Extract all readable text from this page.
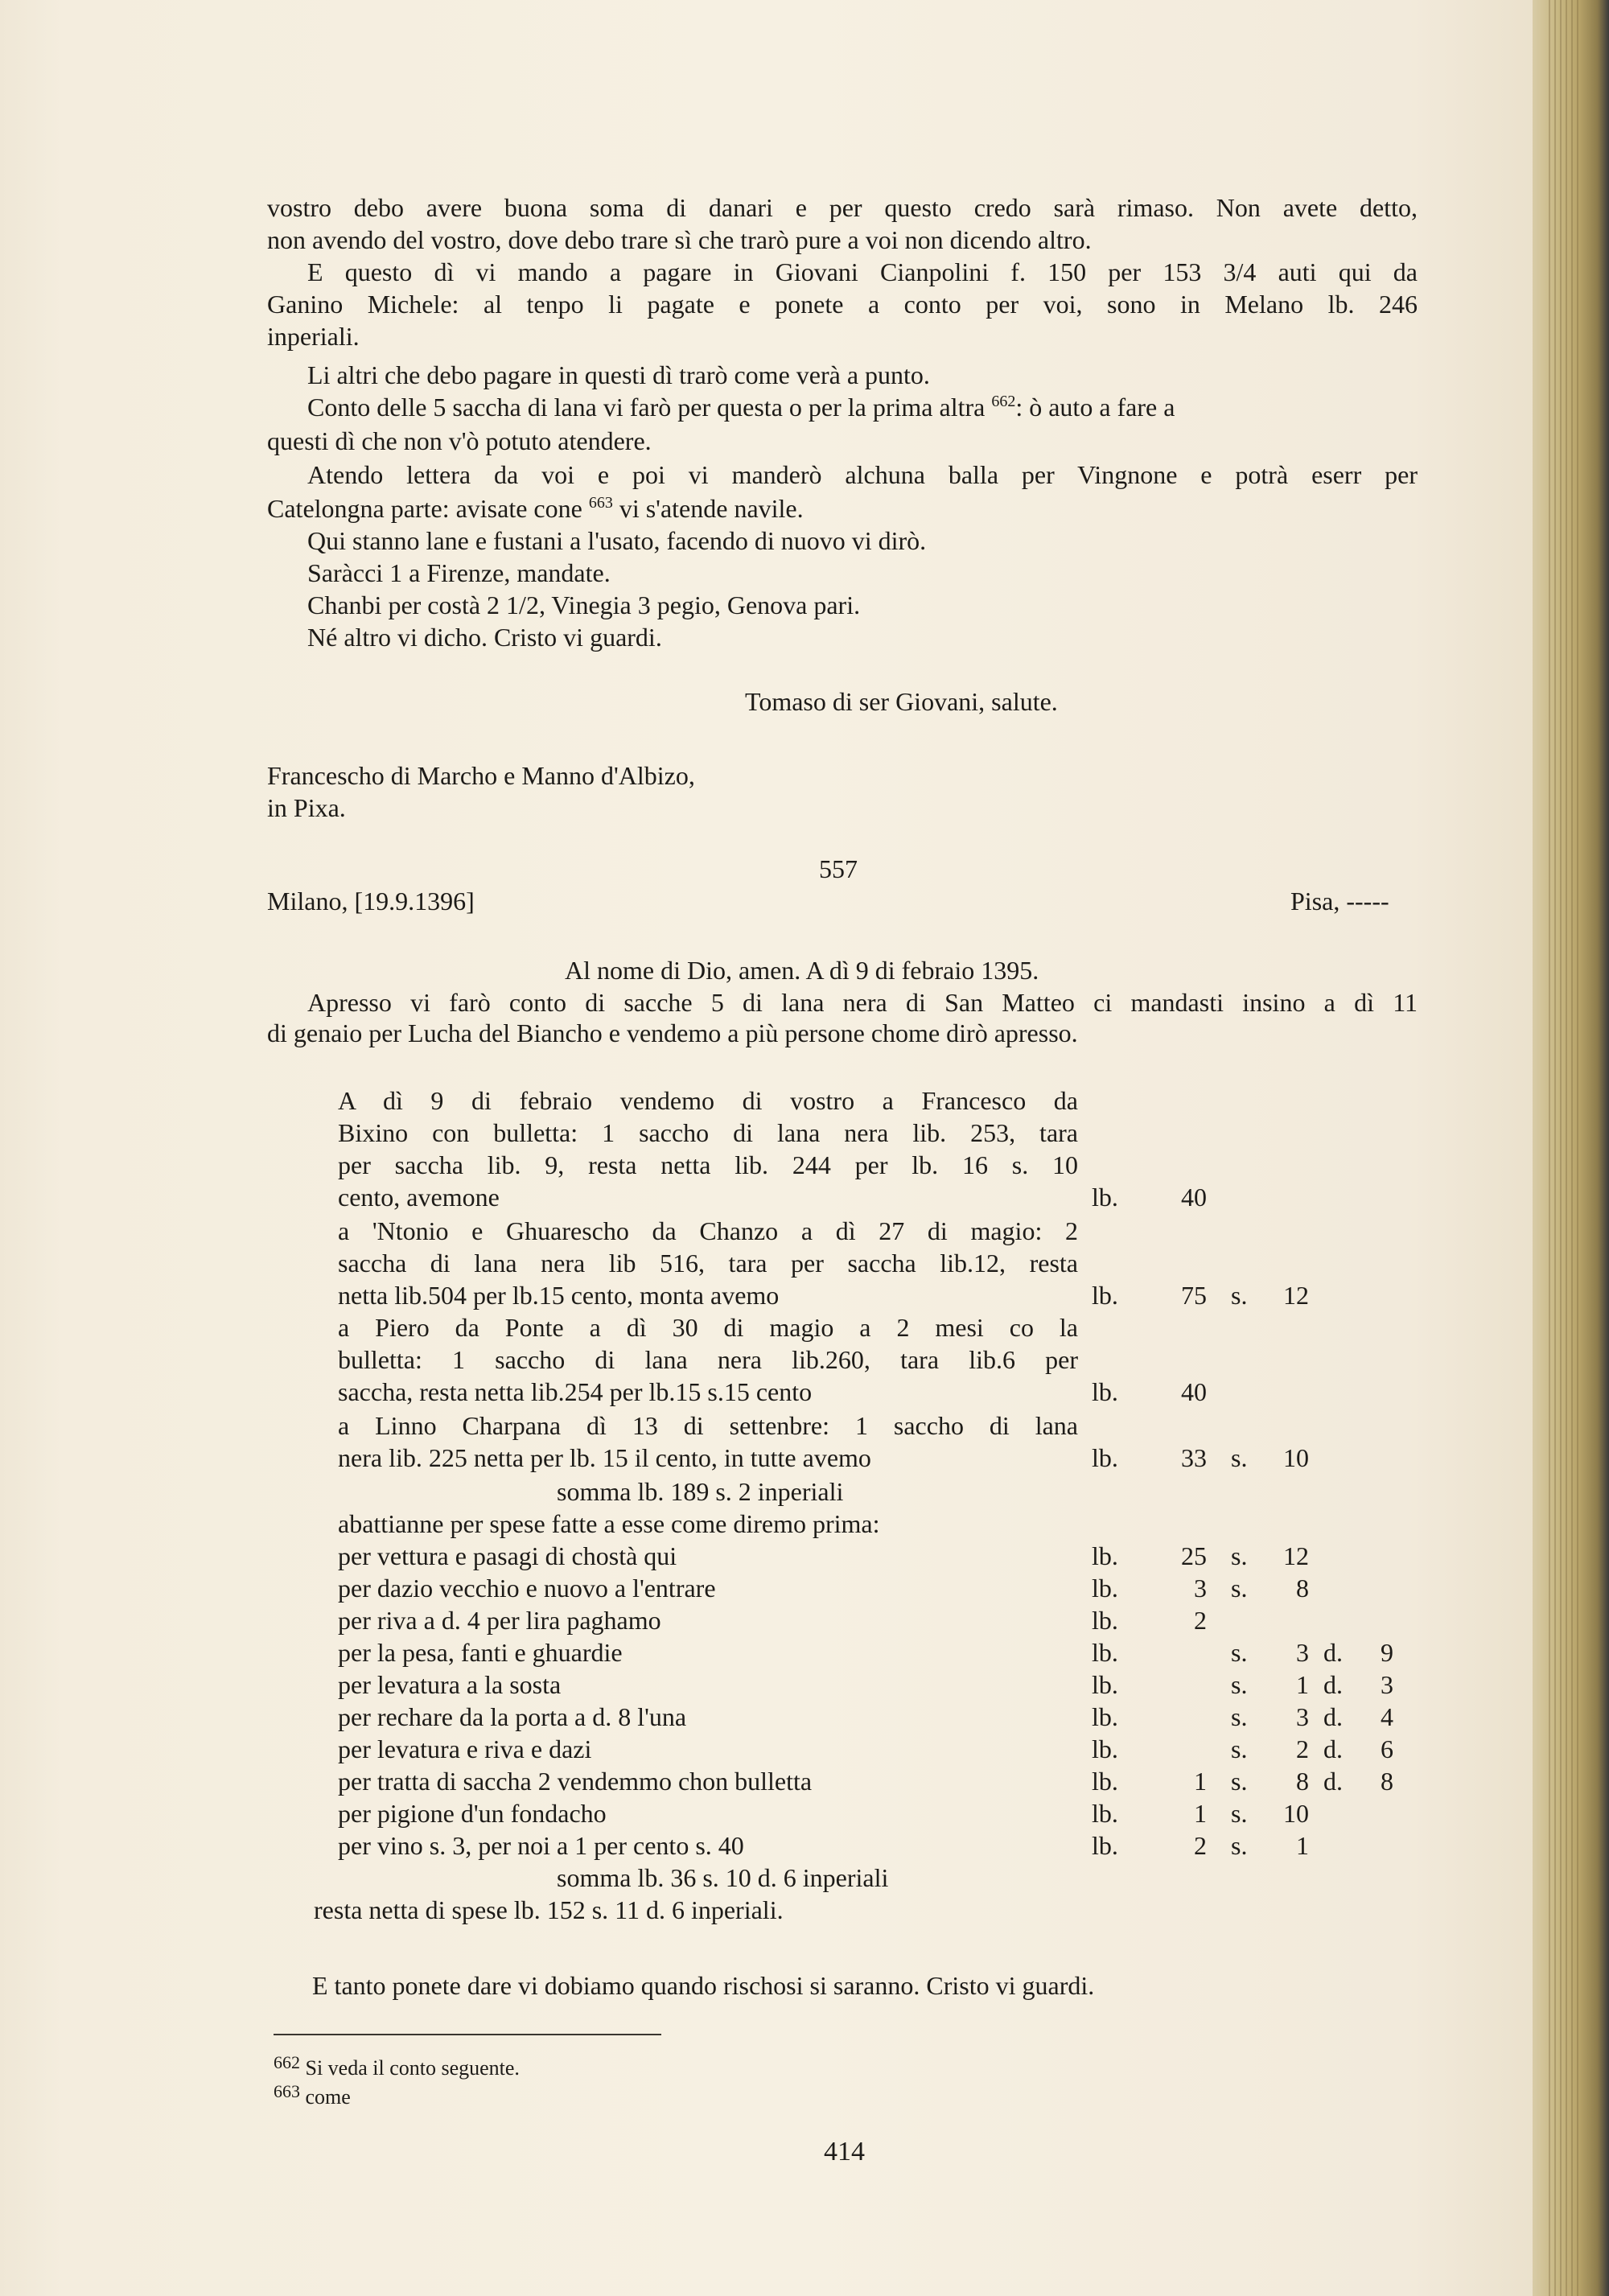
vostro debo avere buona soma di danari e per questo credo sarà rimaso. Non avete detto,
non avendo del vostro, dove debo trare sì che trarò pure a voi non dicendo altro.
E questo dì vi mando a pagare in Giovani Cianpolini f. 150 per 153 3/4 auti qui da
Ganino Michele: al tenpo li pagate e ponete a conto per voi, sono in Melano lb. 246
inperiali.
Li altri che debo pagare in questi dì trarò come verà a punto.
Conto delle 5 saccha di lana vi farò per questa o per la prima altra $^{662}$: ò auto a fare a
questi dì che non v'ò potuto atendere.
Atendo lettera da voi e poi vi manderò alchuna balla per Vingnone e potrà eserr per
Catelongna parte: avisate cone $^{663}$ vi s'atende navile.
Qui stanno lane e fustani a l'usato, facendo di nuovo vi dirò.
Saràcci 1 a Firenze, mandate.
Chanbi per costà 2 1/2, Vinegia 3 pegio, Genova pari.
Né altro vi dicho. Cristo vi guardi.
Tomaso di ser Giovani, salute.
Francescho di Marcho e Manno d'Albizo,
in Pixa.
557
Milano, [19.9.1396]	Pisa, -----
Al nome di Dio, amen. A dì 9 di febraio 1395.
Apresso vi farò conto di sacche 5 di lana nera di San Matteo ci mandasti insino a dì 11
di genaio per Lucha del Biancho e vendemo a più persone chome dirò apresso.
A dì 9 di febraio vendemo di vostro a Francesco da
Bixino con bulletta: 1 saccho di lana nera lib. 253, tara
per saccha lib. 9, resta netta lib. 244 per lb. 16 s. 10
cento, avemone	lb.	40
a 'Ntonio e Ghuarescho da Chanzo a dì 27 di magio: 2
saccha di lana nera lib 516, tara per saccha lib.12, resta
netta lib.504 per lb.15 cento, monta avemo	lb.	75 s.	12
a Piero da Ponte a dì 30 di magio a 2 mesi co la
bulletta: 1 saccho di lana nera lib.260, tara lib.6 per
saccha, resta netta lib.254 per lb.15 s.15 cento	lb.	40
a Linno Charpana dì 13 di settenbre: 1 saccho di lana
nera lib. 225 netta per lb. 15 il cento, in tutte avemo	lb.	33 s.	10
somma lb. 189 s. 2 inperiali
abattianne per spese fatte a esse come diremo prima:
per vettura e pasagi di chostà qui	lb.	25 s.	12
per dazio vecchio e nuovo a l'entrare	lb.	3 s.	8
per riva a d. 4 per lira paghamo	lb.	2
per la pesa, fanti e ghuardie	lb.	s.	3 d.	9
per levatura a la sosta	lb.	s.	1 d.	3
per rechare da la porta a d. 8 l'una	lb.	s.	3 d.	4
per levatura e riva e dazi	lb.	s.	2 d.	6
per tratta di saccha 2 vendemmo chon bulletta	lb.	1 s.	8 d.	8
per pigione d'un fondacho	lb.	1 s.	10
per vino s. 3, per noi a 1 per cento s. 40	lb.	2 s.	1
somma lb. 36 s. 10 d. 6 inperiali
resta netta di spese lb. 152 s. 11 d. 6 inperiali.
E tanto ponete dare vi dobiamo quando rischosi si saranno. Cristo vi guardi.
$^{662}$ Si veda il conto seguente.
$^{663}$ come
414
